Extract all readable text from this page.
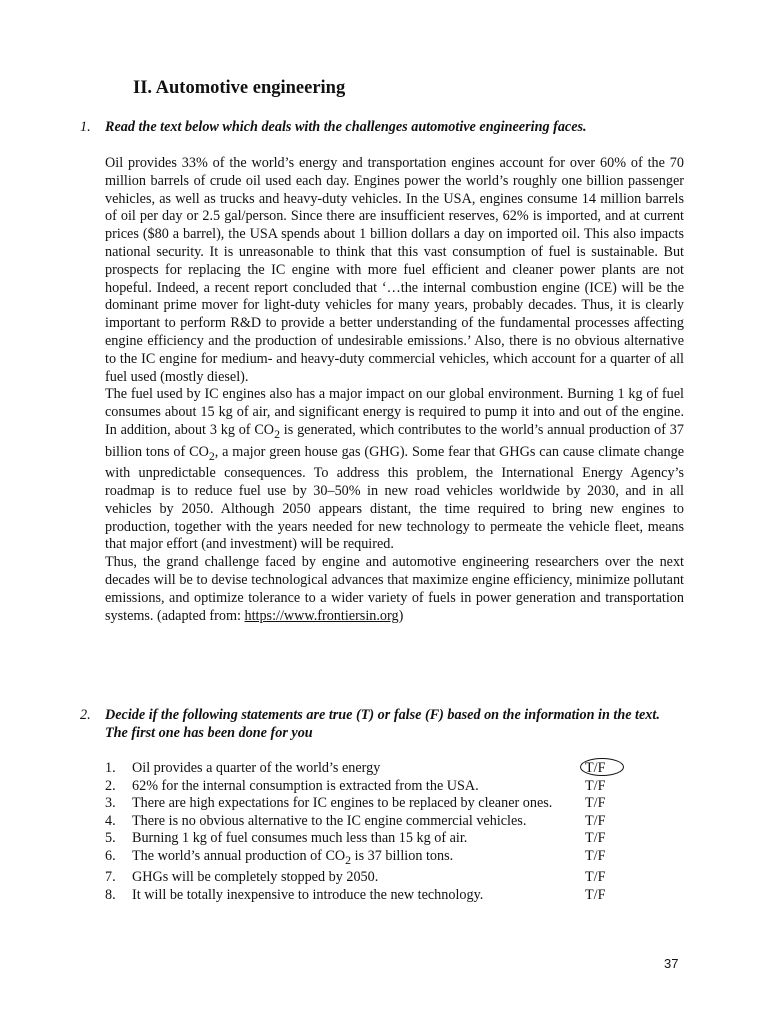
II. Automotive engineering
1. Read the text below which deals with the challenges automotive engineering faces.

Oil provides 33% of the world’s energy and transportation engines account for over 60% of the 70 million barrels of crude oil used each day. Engines power the world’s roughly one billion passenger vehicles, as well as trucks and heavy-duty vehicles. In the USA, engines consume 14 million barrels of oil per day or 2.5 gal/person. Since there are insufficient reserves, 62% is imported, and at current prices ($80 a barrel), the USA spends about 1 billion dollars a day on imported oil. This also impacts national security. It is unreasonable to think that this vast consumption of fuel is sustainable. But prospects for replacing the IC engine with more fuel efficient and cleaner power plants are not hopeful. Indeed, a recent report concluded that ‘…the internal combustion engine (ICE) will be the dominant prime mover for light-duty vehicles for many years, probably decades. Thus, it is clearly important to perform R&D to provide a better understanding of the fundamental processes affecting engine efficiency and the production of undesirable emissions.’ Also, there is no obvious alternative to the IC engine for medium- and heavy-duty commercial vehicles, which account for a quarter of all fuel used (mostly diesel).

The fuel used by IC engines also has a major impact on our global environment. Burning 1 kg of fuel consumes about 15 kg of air, and significant energy is required to pump it into and out of the engine. In addition, about 3 kg of $CO_2$ is generated, which contributes to the world’s annual production of 37 billion tons of $CO_2$, a major green house gas (GHG). Some fear that GHGs can cause climate change with unpredictable consequences. To address this problem, the International Energy Agency’s roadmap is to reduce fuel use by 30–50% in new road vehicles worldwide by 2030, and in all vehicles by 2050. Although 2050 appears distant, the time required to bring new engines to production, together with the years needed for new technology to permeate the vehicle fleet, means that major effort (and investment) will be required.

Thus, the grand challenge faced by engine and automotive engineering researchers over the next decades will be to devise technological advances that maximize engine efficiency, minimize pollutant emissions, and optimize tolerance to a wider variety of fuels in power generation and transportation systems. (adapted from: https://www.frontiersin.org)

2. Decide if the following statements are true (T) or false (F) based on the information in the text. The first one has been done for you
1. Oil provides a quarter of the world’s energy	T/F
2. 62% for the internal consumption is extracted from the USA.	T/F
3. There are high expectations for IC engines to be replaced by cleaner ones. T/F
4. There is no obvious alternative to the IC engine commercial vehicles.	T/F
5. Burning 1 kg of fuel consumes much less than 15 kg of air.	T/F
6. The world’s annual production of $CO_2$ is 37 billion tons.	T/F
7. GHGs will be completely stopped by 2050.	T/F
8. It will be totally inexpensive to introduce the new technology.	T/F
37
